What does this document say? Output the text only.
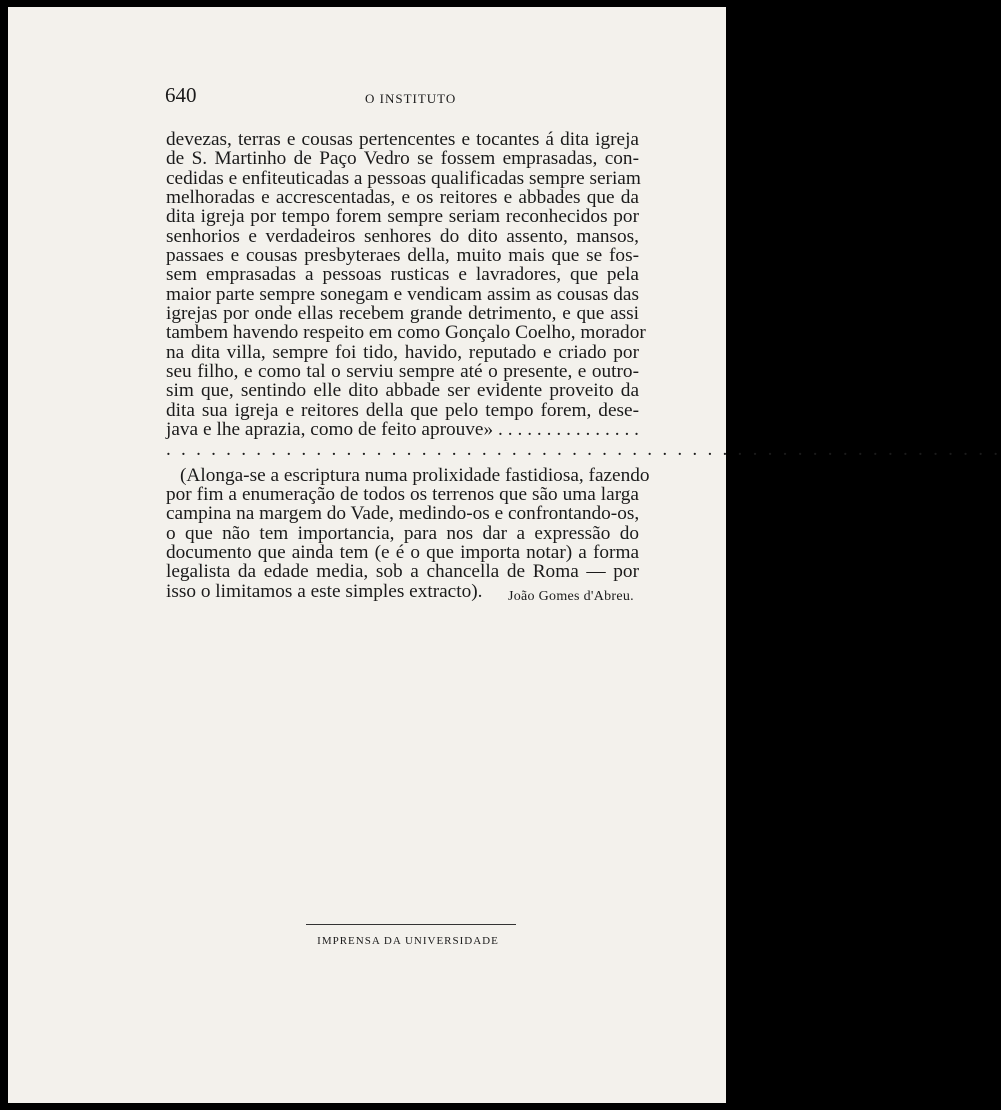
640	O INSTITUTO
devezas, terras e cousas pertencentes e tocantes á dita igreja
de S. Martinho de Paço Vedro se fossem emprasadas, con-
cedidas e enfiteuticadas a pessoas qualificadas sempre seriam
melhoradas e accrescentadas, e os reitores e abbades que da
dita igreja por tempo forem sempre seriam reconhecidos por
senhorios e verdadeiros senhores do dito assento, mansos,
passaes e cousas presbyteraes della, muito mais que se fos-
sem emprasadas a pessoas rusticas e lavradores, que pela
maior parte sempre sonegam e vendicam assim as cousas das
igrejas por onde ellas recebem grande detrimento, e que assi
tambem havendo respeito em como Gonçalo Coelho, morador
na dita villa, sempre foi tido, havido, reputado e criado por
seu filho, e como tal o serviu sempre até o presente, e outro-
sim que, sentindo elle dito abbade ser evidente proveito da
dita sua igreja e reitores della que pelo tempo forem, dese-
java e lhe aprazia, como de feito aprouve» . . . . . . . . . . . . . . .
. . . . . . . . . . . . . . . . . . . . . . . . . . . . . . . . . . . . . . . . . . . . . . . . . . . . . . . .
(Alonga-se a escriptura numa prolixidade fastidiosa, fazendo
por fim a enumeração de todos os terrenos que são uma larga
campina na margem do Vade, medindo-os e confrontando-os,
o que não tem importancia, para nos dar a expressão do
documento que ainda tem (e é o que importa notar) a forma
legalista da edade media, sob a chancella de Roma — por
isso o limitamos a este simples extracto).	João Gomes d'Abreu.
IMPRENSA DA UNIVERSIDADE
